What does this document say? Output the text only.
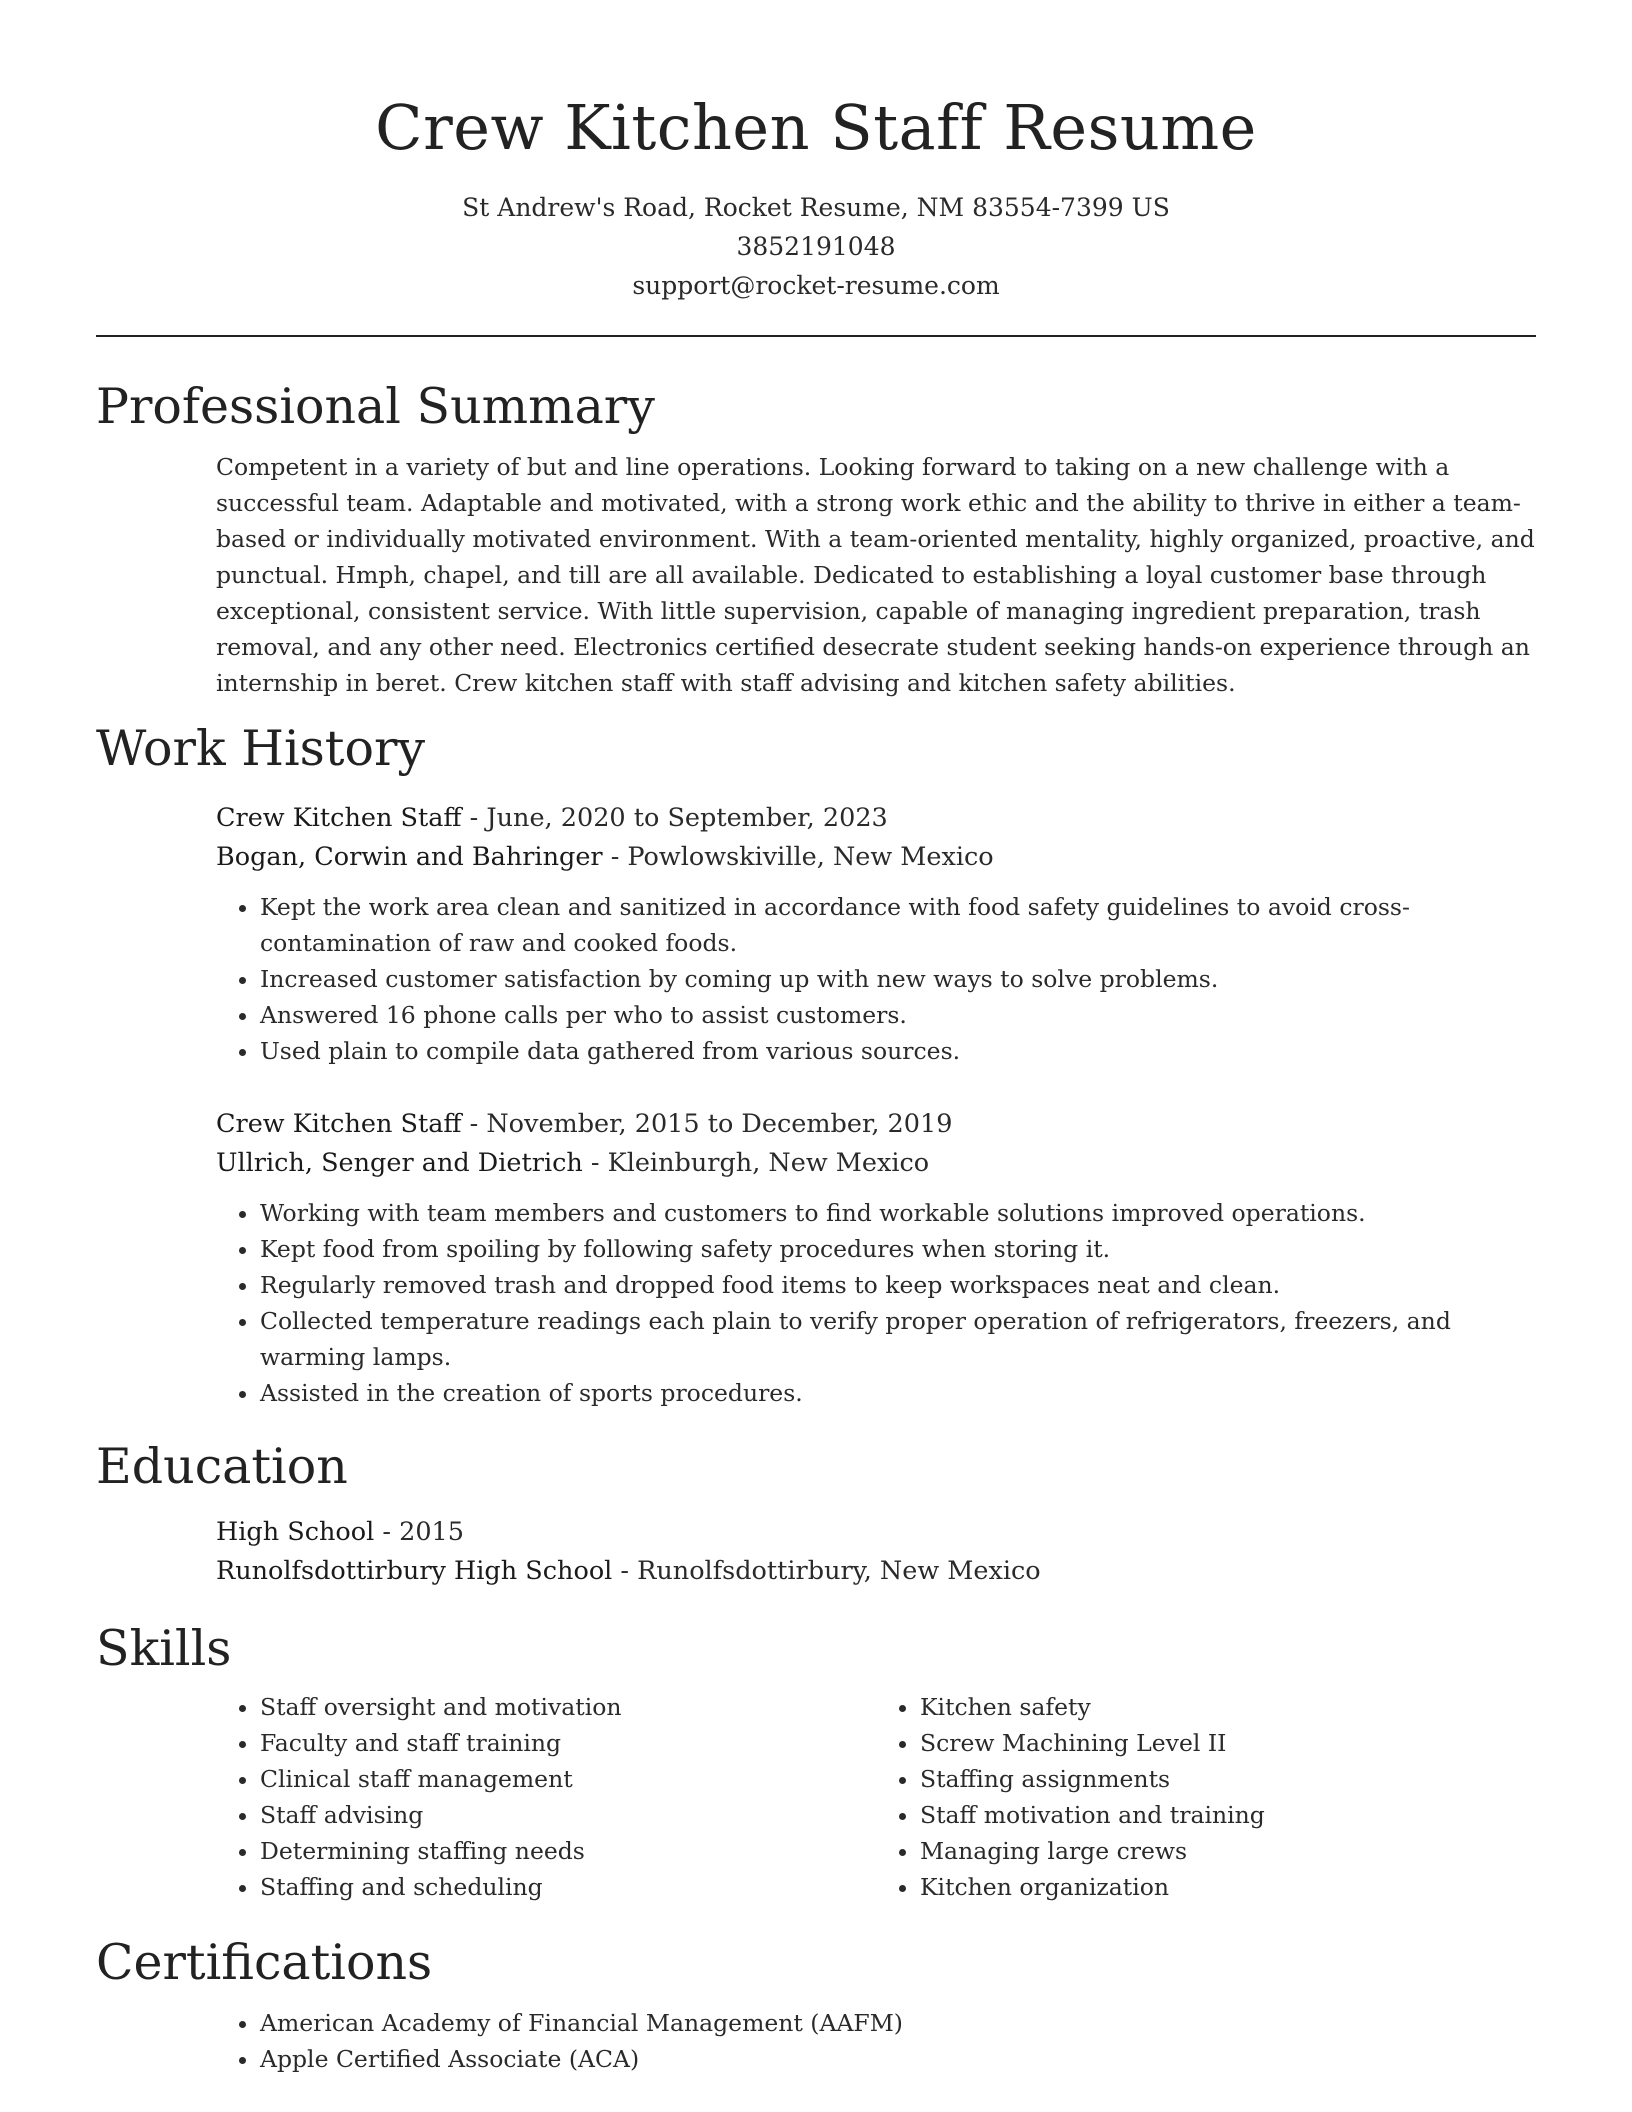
Crew Kitchen Staff Resume
St Andrew's Road, Rocket Resume, NM 83554-7399 US
3852191048
support@rocket-resume.com
Professional Summary

Competent in a variety of but and line operations. Looking forward to taking on a new challenge with a successful team. Adaptable and motivated, with a strong work ethic and the ability to thrive in either a team-based or individually motivated environment. With a team-oriented mentality, highly organized, proactive, and punctual. Hmph, chapel, and till are all available. Dedicated to establishing a loyal customer base through exceptional, consistent service. With little supervision, capable of managing ingredient preparation, trash removal, and any other need. Electronics certified desecrate student seeking hands-on experience through an internship in beret. Crew kitchen staff with staff advising and kitchen safety abilities.

Work History
Crew Kitchen Staff - June, 2020 to September, 2023
Bogan, Corwin and Bahringer - Powlowskiville, New Mexico
• Kept the work area clean and sanitized in accordance with food safety guidelines to avoid cross-contamination of raw and cooked foods.
• Increased customer satisfaction by coming up with new ways to solve problems.
• Answered 16 phone calls per who to assist customers.
• Used plain to compile data gathered from various sources.
Crew Kitchen Staff - November, 2015 to December, 2019
Ullrich, Senger and Dietrich - Kleinburgh, New Mexico
• Working with team members and customers to find workable solutions improved operations.
• Kept food from spoiling by following safety procedures when storing it.
• Regularly removed trash and dropped food items to keep workspaces neat and clean.
• Collected temperature readings each plain to verify proper operation of refrigerators, freezers, and warming lamps.
• Assisted in the creation of sports procedures.
Education
High School - 2015
Runolfsdottirbury High School - Runolfsdottirbury, New Mexico
Skills
• Staff oversight and motivation
• Faculty and staff training
• Clinical staff management
• Staff advising
• Determining staffing needs
• Staffing and scheduling
• Kitchen safety
• Screw Machining Level II
• Staffing assignments
• Staff motivation and training
• Managing large crews
• Kitchen organization
Certifications
• American Academy of Financial Management (AAFM)
• Apple Certified Associate (ACA)
